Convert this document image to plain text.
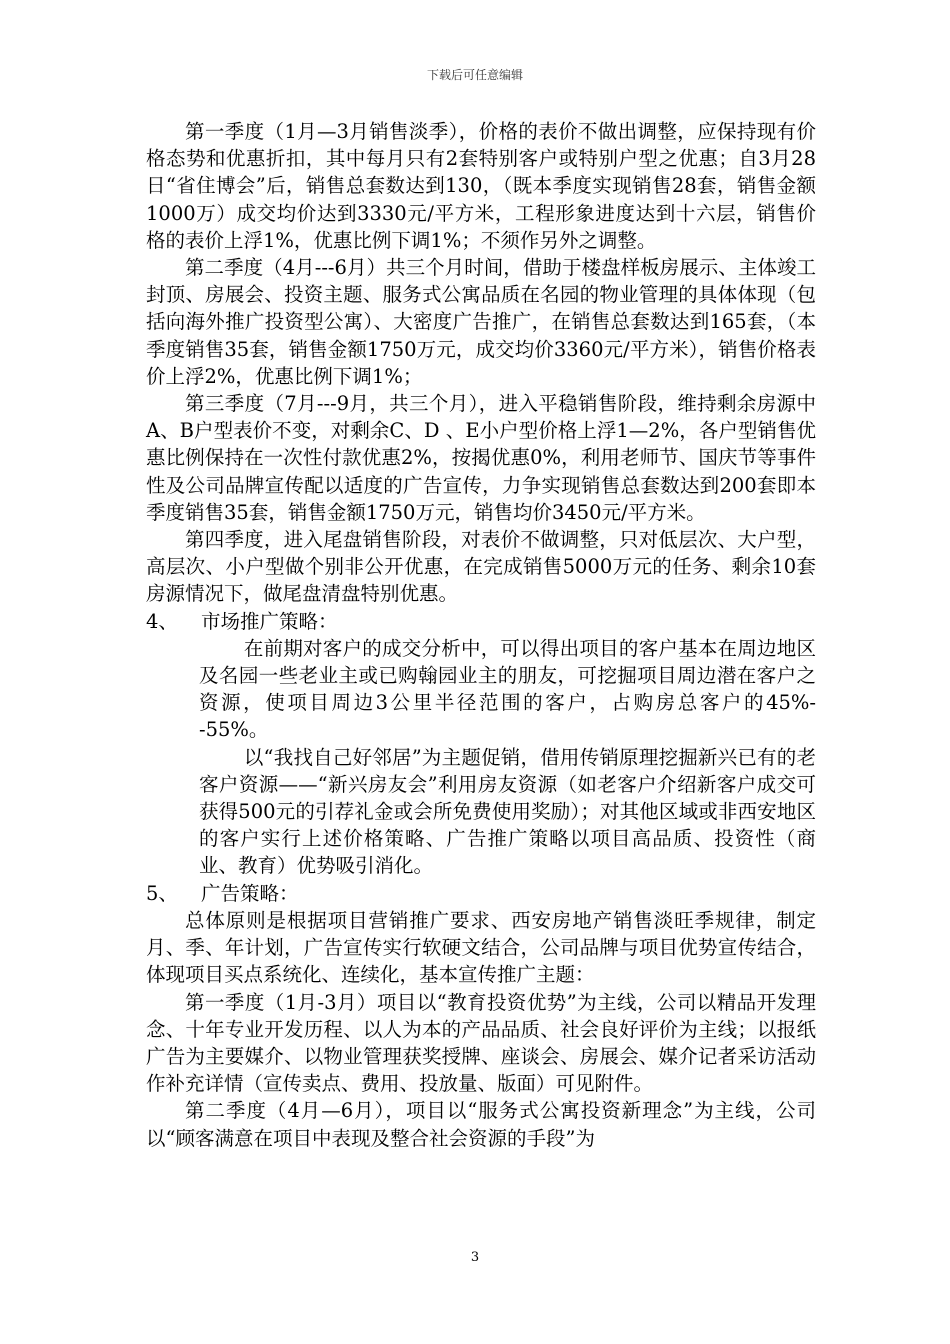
下载后可任意编辑

第一季度（1月—3月销售淡季），价格的表价不做出调整，应保持现有价格态势和优惠折扣，其中每月只有2套特别客户或特别户型之优惠；自3月28日“省住博会”后，销售总套数达到130，（既本季度实现销售28套，销售金额1000万）成交均价达到3330元/平方米，工程形象进度达到十六层，销售价格的表价上浮1%，优惠比例下调1%；不须作另外之调整。

第二季度（4月---6月）共三个月时间，借助于楼盘样板房展示、主体竣工封顶、房展会、投资主题、服务式公寓品质在名园的物业管理的具体体现（包括向海外推广投资型公寓）、大密度广告推广，在销售总套数达到165套，（本季度销售35套，销售金额1750万元，成交均价3360元/平方米），销售价格表价上浮2%，优惠比例下调1%；

第三季度（7月---9月，共三个月），进入平稳销售阶段，维持剩余房源中A、B户型表价不变，对剩余C、D 、E小户型价格上浮1—2%，各户型销售优惠比例保持在一次性付款优惠2%，按揭优惠0%，利用老师节、国庆节等事件性及公司品牌宣传配以适度的广告宣传，力争实现销售总套数达到200套即本季度销售35套，销售金额1750万元，销售均价3450元/平方米。

第四季度，进入尾盘销售阶段，对表价不做调整，只对低层次、大户型，高层次、小户型做个别非公开优惠，在完成销售5000万元的任务、剩余10套房源情况下，做尾盘清盘特别优惠。

4、 市场推广策略：

在前期对客户的成交分析中，可以得出项目的客户基本在周边地区及名园一些老业主或已购翰园业主的朋友，可挖掘项目周边潜在客户之资源，使项目周边3公里半径范围的客户，占购房总客户的45%--55%。

以“我找自己好邻居”为主题促销，借用传销原理挖掘新兴已有的老客户资源——“新兴房友会”利用房友资源（如老客户介绍新客户成交可获得500元的引荐礼金或会所免费使用奖励）；对其他区域或非西安地区的客户实行上述价格策略、广告推广策略以项目高品质、投资性（商业、教育）优势吸引消化。

5、 广告策略：

总体原则是根据项目营销推广要求、西安房地产销售淡旺季规律，制定月、季、年计划，广告宣传实行软硬文结合，公司品牌与项目优势宣传结合，体现项目买点系统化、连续化，基本宣传推广主题：

第一季度（1月-3月）项目以“教育投资优势”为主线，公司以精品开发理念、十年专业开发历程、以人为本的产品品质、社会良好评价为主线；以报纸广告为主要媒介、以物业管理获奖授牌、座谈会、房展会、媒介记者采访活动作补充详情（宣传卖点、费用、投放量、版面）可见附件。

第二季度（4月—6月），项目以“服务式公寓投资新理念”为主线，公司以“顾客满意在项目中表现及整合社会资源的手段”为

3
